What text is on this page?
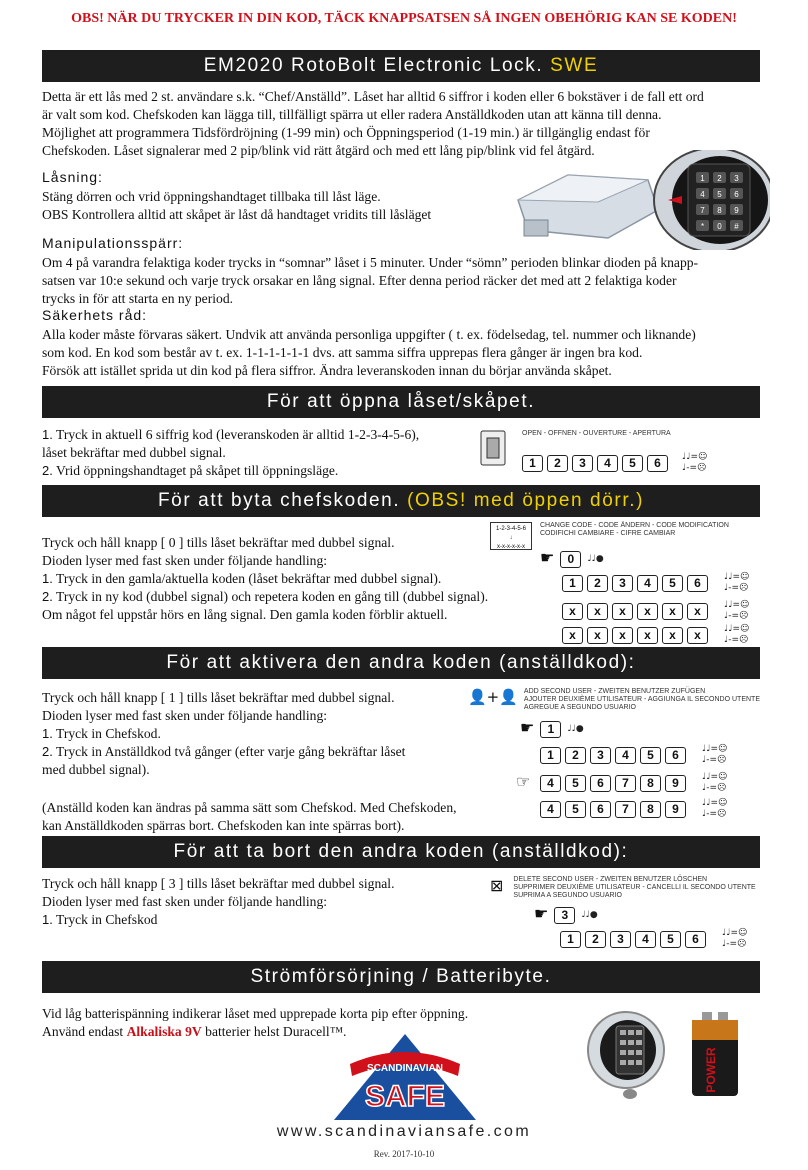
OBS! NÄR DU TRYCKER IN DIN KOD, TÄCK KNAPPSATSEN SÅ INGEN OBEHÖRIG KAN SE KODEN!
EM2020 RotoBolt Electronic Lock. SWE
Detta är ett lås med 2 st. användare s.k. “Chef/Anställd”. Låset har alltid 6 siffror i koden eller 6 bokstäver i de fall ett ord
är valt som kod. Chefskoden kan lägga till, tillfälligt spärra ut eller radera Anställdkoden utan att känna till denna.
Möjlighet att programmera Tidsfördröjning (1-99 min) och Öppningsperiod (1-19 min.) är tillgänglig endast för
Chefskoden. Låset signalerar med 2 pip/blink vid rätt åtgärd och med ett lång pip/blink vid fel åtgärd.
Låsning:
Stäng dörren och vrid öppningshandtaget tillbaka till låst läge.
OBS Kontrollera alltid att skåpet är låst då handtaget vridits till låsläget
1 2 3
4 5 6
7 8 9
* 0 #
Manipulationsspärr:
Om 4 på varandra felaktiga koder trycks in “somnar” låset i 5 minuter. Under “sömn” perioden blinkar dioden på knapp-
satsen var 10:e sekund och varje tryck orsakar en lång signal. Efter denna period räcker det med att 2 felaktiga koder
trycks in för att starta en ny period.
Säkerhets råd:
Alla koder måste förvaras säkert. Undvik att använda personliga uppgifter ( t. ex. födelsedag, tel. nummer och liknande)
som kod. En kod som består av t. ex. 1-1-1-1-1-1 dvs. att samma siffra upprepas flera gånger är ingen bra kod.
Försök att istället sprida ut din kod på flera siffror. Ändra leveranskoden innan du börjar använda skåpet.
För att öppna låset/skåpet.
1. Tryck in aktuell 6 siffrig kod (leveranskoden är alltid 1-2-3-4-5-6),
låset bekräftar med dubbel signal.
2. Vrid öppningshandtaget på skåpet till öppningsläge.
OPEN - OFFNEN - OUVERTURE - APERTURA
1	2	3	4	5	6	♩♩=☺
♩-=☹
För att byta chefskoden. (OBS! med öppen dörr.)
Tryck och håll knapp [ 0 ] tills låset bekräftar med dubbel signal.
Dioden lyser med fast sken under följande handling:
1. Tryck in den gamla/aktuella koden (låset bekräftar med dubbel signal).
2. Tryck in ny kod (dubbel signal) och repetera koden en gång till (dubbel signal).
Om något fel uppstår hörs en lång signal. Den gamla koden förblir aktuell.
1-2-3-4-5-6
↓
x-x-x-x-x-x
CHANGE CODE - CODE ÄNDERN - CODE MODIFICATION
CODIFICHI CAMBIARE - CIFRE CAMBIAR
☛	0	♩♩●
1	2	3	4	5	6	♩♩=☺
♩-=☹
x	x	x	x	x	x	♩♩=☺
♩-=☹
x	x	x	x	x	x	♩♩=☺
♩-=☹
För att aktivera den andra koden (anställdkod):
Tryck och håll knapp [ 1 ] tills låset bekräftar med dubbel signal.
Dioden lyser med fast sken under följande handling:
1. Tryck in Chefskod.
2. Tryck in Anställdkod två gånger (efter varje gång bekräftar låset
med dubbel signal).
(Anställd koden kan ändras på samma sätt som Chefskod. Med Chefskoden,
kan Anställdkoden spärras bort. Chefskoden kan inte spärras bort).
👤+👤 ADD SECOND USER - ZWEITEN BENUTZER ZUFÜGEN
AJOUTER DEUXIÈME UTILISATEUR - AGGIUNGA IL SECONDO UTENTE
AGREGUE A SEGUNDO USUARIO
☛	1	♩♩●
1	2	3	4	5	6	♩♩=☺
♩-=☹
☞	4	5	6	7	8	9	♩♩=☺
♩-=☹
4	5	6	7	8	9	♩♩=☺
♩-=☹
För att ta bort den andra koden (anställdkod):
Tryck och håll knapp [ 3 ] tills låset bekräftar med dubbel signal.
Dioden lyser med fast sken under följande handling:
1. Tryck in Chefskod
⊠ DELETE SECOND USER - ZWEITEN BENUTZER LÖSCHEN
SUPPRIMER DEUXIÈME UTILISATEUR - CANCELLI IL SECONDO UTENTE
SUPRIMA A SEGUNDO USUARIO
☛	3	♩♩●
1	2	3	4	5	6	♩♩=☺
♩-=☹
Strömförsörjning / Batteribyte.
Vid låg batterispänning indikerar låset med upprepade korta pip efter öppning.
Använd endast Alkaliska 9V batterier helst Duracell™.
SCANDINAVIAN
SAFE
POWER
www.scandinaviansafe.com
Rev. 2017-10-10
